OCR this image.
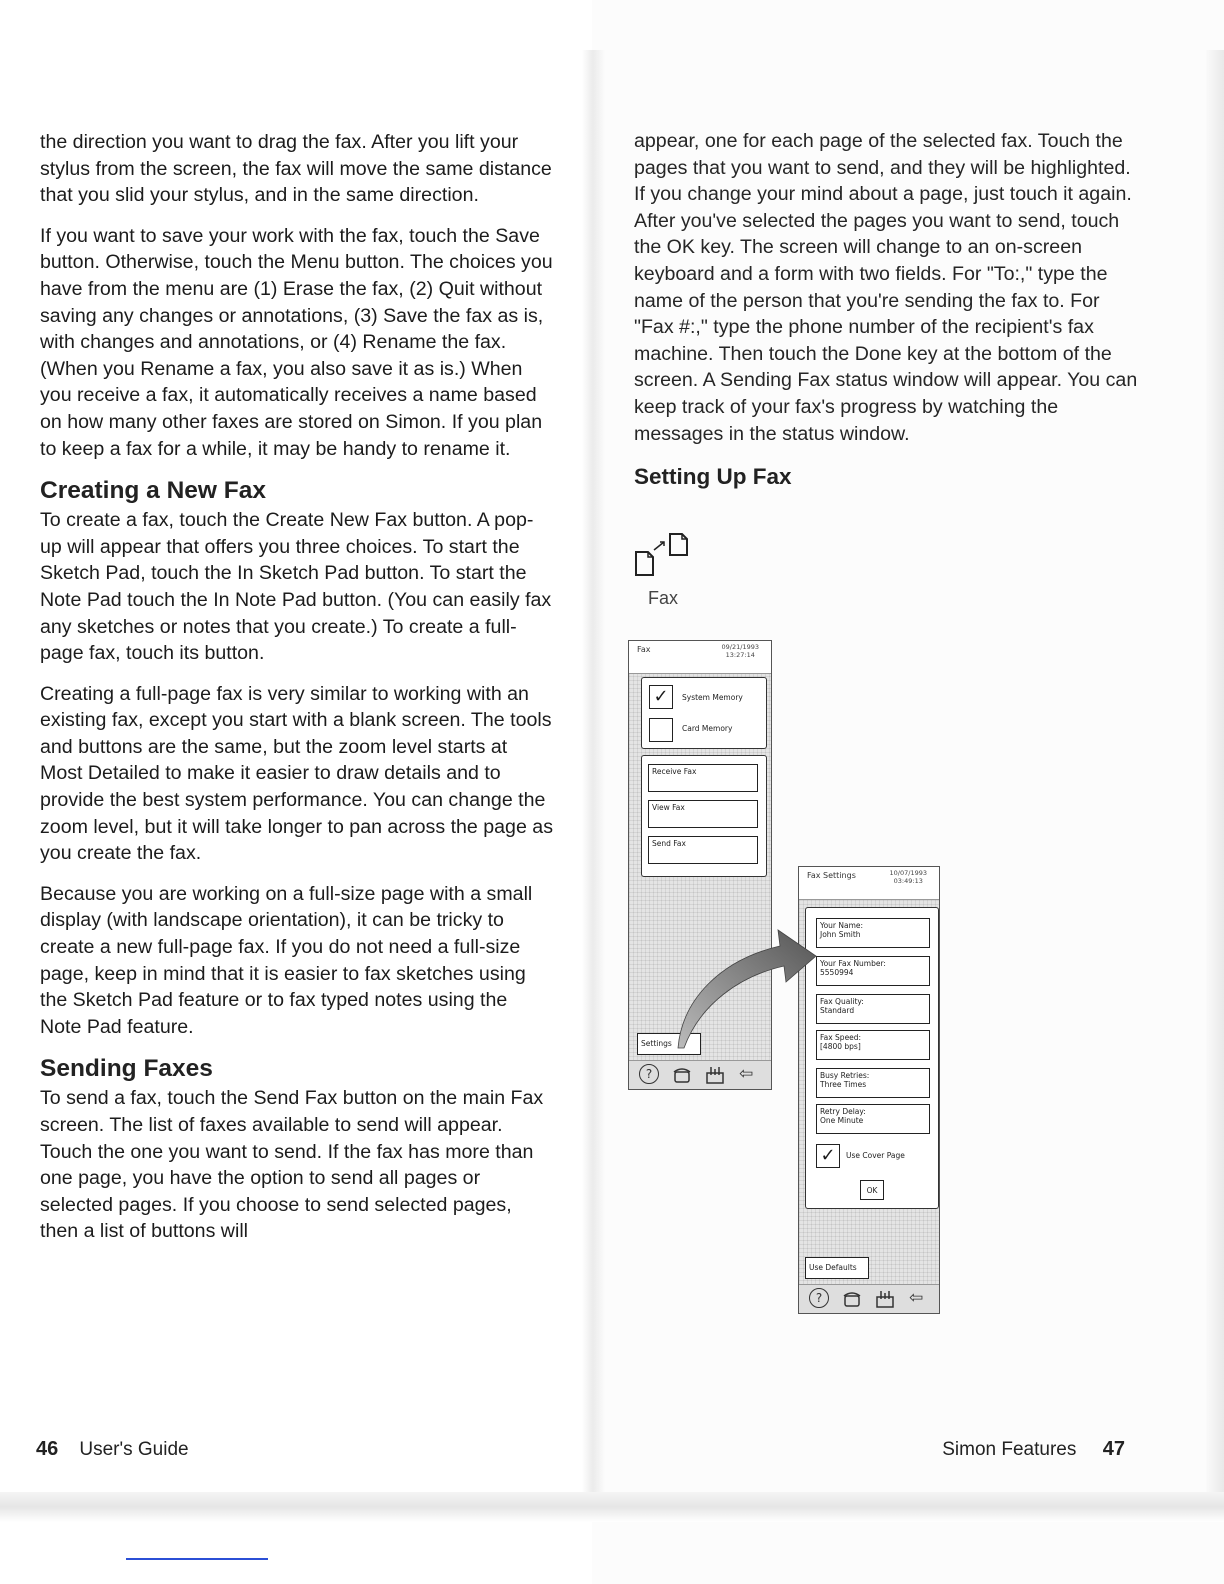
the direction you want to drag the fax. After you lift your stylus from the screen, the fax will move the same distance that you slid your stylus, and in the same direction.

If you want to save your work with the fax, touch the Save button. Otherwise, touch the Menu button. The choices you have from the menu are (1) Erase the fax, (2) Quit without saving any changes or annotations, (3) Save the fax as is, with changes and annotations, or (4) Rename the fax. (When you Rename a fax, you also save it as is.) When you receive a fax, it automatically receives a name based on how many other faxes are stored on Simon. If you plan to keep a fax for a while, it may be handy to rename it.

Creating a New Fax

To create a fax, touch the Create New Fax button. A pop-up will appear that offers you three choices. To start the Sketch Pad, touch the In Sketch Pad button. To start the Note Pad touch the In Note Pad button. (You can easily fax any sketches or notes that you create.) To create a full-page fax, touch its button.

Creating a full-page fax is very similar to working with an existing fax, except you start with a blank screen. The tools and buttons are the same, but the zoom level starts at Most Detailed to make it easier to draw details and to provide the best system performance. You can change the zoom level, but it will take longer to pan across the page as you create the fax.

Because you are working on a full-size page with a small display (with landscape orientation), it can be tricky to create a new full-page fax. If you do not need a full-size page, keep in mind that it is easier to fax sketches using the Sketch Pad feature or to fax typed notes using the Note Pad feature.

Sending Faxes

To send a fax, touch the Send Fax button on the main Fax screen. The list of faxes available to send will appear. Touch the one you want to send. If the fax has more than one page, you have the option to send all pages or selected pages. If you choose to send selected pages, then a list of buttons will

46 User's Guide

appear, one for each page of the selected fax. Touch the pages that you want to send, and they will be highlighted. If you change your mind about a page, just touch it again. After you've selected the pages you want to send, touch the OK key. The screen will change to an on-screen keyboard and a form with two fields. For "To:," type the name of the person that you're sending the fax to. For "Fax #:," type the phone number of the recipient's fax machine. Then touch the Done key at the bottom of the screen. A Sending Fax status window will appear. You can keep track of your fax's progress by watching the messages in the status window.

Setting Up Fax
Fax
Fax	09/21/1993
13:27:14
✓	System Memory
Card Memory
Receive Fax
View Fax
Send Fax
Settings
?	⇦
Fax Settings	10/07/1993
03:49:13
Your Name:
John Smith
Your Fax Number:
5550994
Fax Quality:
Standard
Fax Speed:
[4800 bps]
Busy Retries:
Three Times
Retry Delay:
One Minute
✓	Use Cover Page
OK
Use Defaults
?	⇦
Simon Features 47
